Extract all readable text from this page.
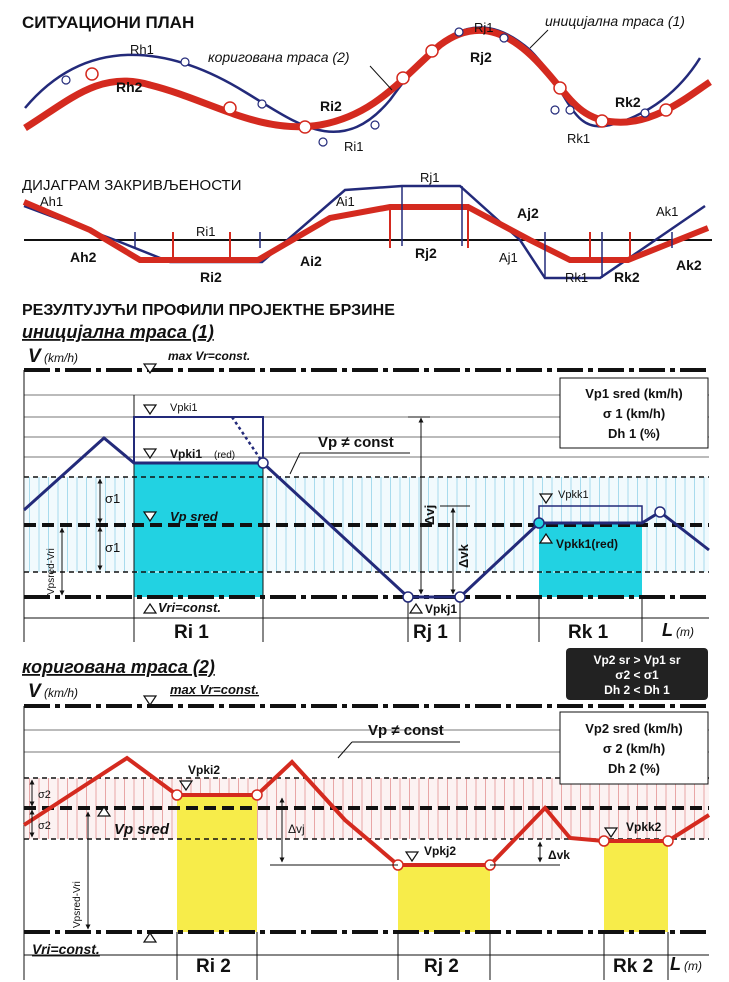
СИТУАЦИОНИ ПЛАН
Rh1
Rh2
Ri2
Ri1
Rj1
Rj2
Rk2
Rk1
коригована траса (2)
иницијална траса (1)
ДИЈАГРАМ ЗАКРИВЉЕНОСТИ
Ah1
Ah2
Ri1
Ri2
Ai1
Ai2
Rj1
Rj2	Aj1
Aj2
Rk1 Rk2
Ak1
Ak2
РЕЗУЛТУЈУЋИ ПРОФИЛИ ПРОЈЕКТНЕ БРЗИНЕ
иницијална траса (1)
V (km/h)	max Vr=const.
Δvj
Δvk
σ1
σ1
Vpsred-Vri
Vpki1
Vpki1 (red)
Vp sred
Vri=const.	Vpkj1
Vpkk1
Vpkk1(red)
Vp ≠ const
Vp1 sred (km/h)
σ 1 (km/h)
Dh 1 (%)
Ri 1	Rj 1	Rk 1	L (m)
Vp2 sr > Vp1 sr
σ2 < σ1
Dh 2 < Dh 1
коригована траса (2)
V (km/h)	max Vr=const.
Δvj
Δvk
σ2
σ2
Vpsred-Vri
Vpki2
Vpkj2
Vpkk2
Vp sred
Vri=const.
Vp ≠ const	Vp2 sred (km/h)
σ 2 (km/h)
Dh 2 (%)
Ri 2	Rj 2	Rk 2 L (m)
